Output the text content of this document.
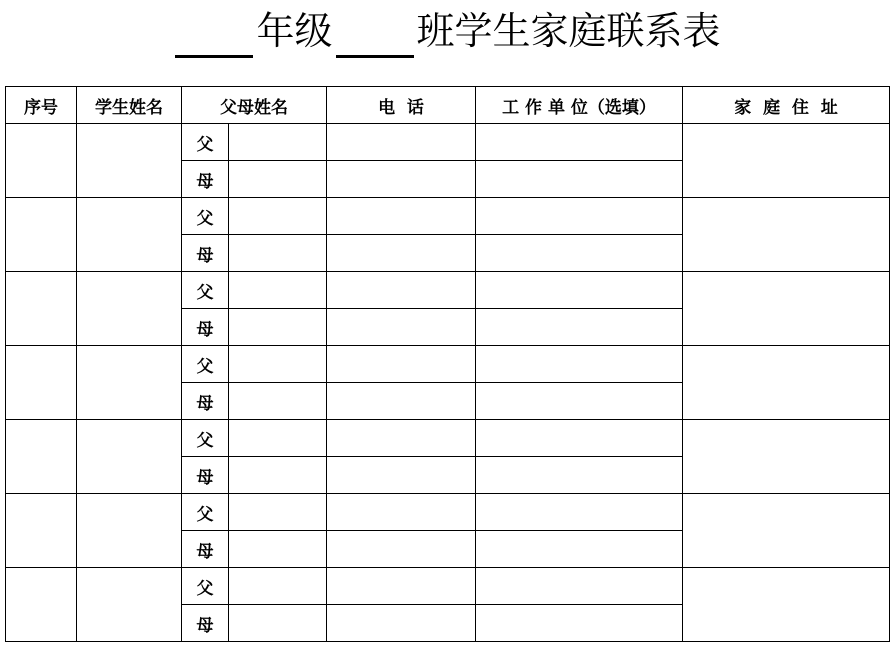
年级 班学生家庭联系表
序号	学生姓名	父母姓名		电  话	工 作 单 位（选填）	家  庭  住  址
		父				
		母				
		父				
		母				
		父				
		母				
		父				
		母				
		父				
		母				
		父				
		母				
		父				
		母				
